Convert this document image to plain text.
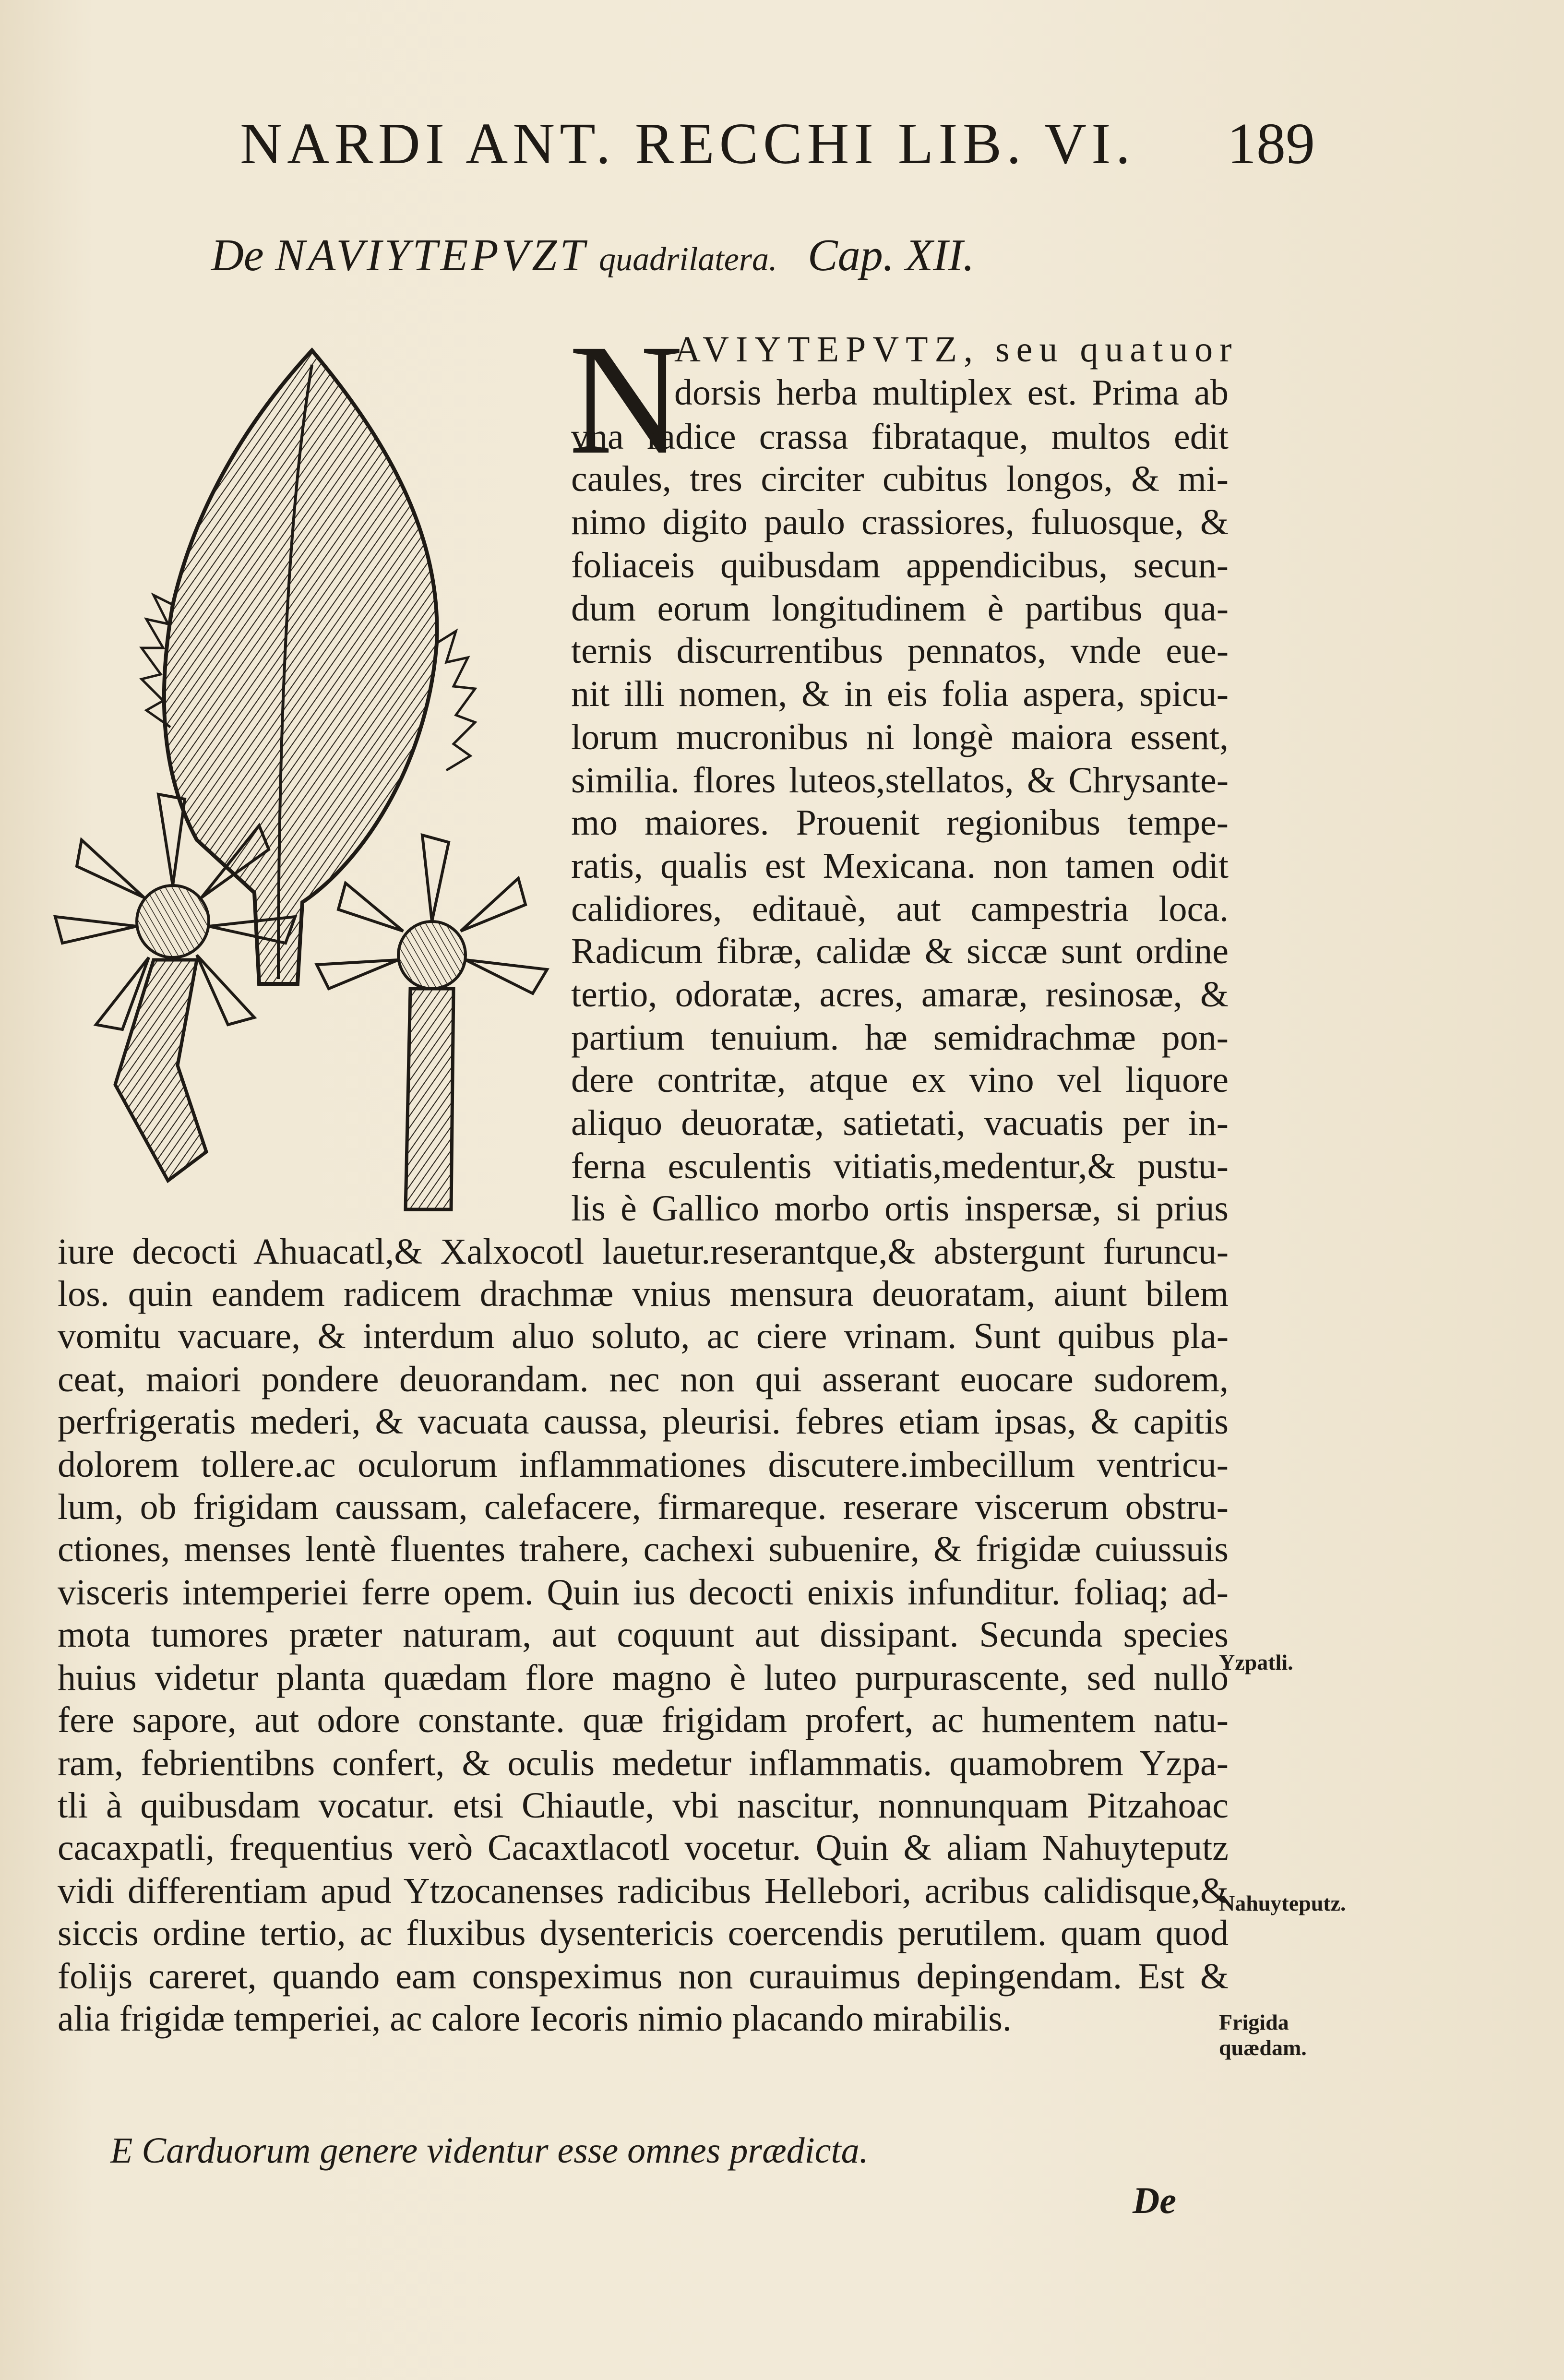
NARDI ANT. RECCHI LIB. VI. 189
De NAVIYTEPVZT quadrilatera. Cap. XII.
N
AVIYTEPVTZ, seu quatuor
dorsis herba multiplex est. Prima ab
vna radice crassa fibrataque, multos edit
caules, tres circiter cubitus longos, & mi-
nimo digito paulo crassiores, fuluosque, &
foliaceis quibusdam appendicibus, secun-
dum eorum longitudinem è partibus qua-
ternis discurrentibus pennatos, vnde eue-
nit illi nomen, & in eis folia aspera, spicu-
lorum mucronibus ni longè maiora essent,
similia. flores luteos,stellatos, & Chrysante-
mo maiores. Prouenit regionibus tempe-
ratis, qualis est Mexicana. non tamen odit
calidiores, editauè, aut campestria loca.
Radicum fibræ, calidæ & siccæ sunt ordine
tertio, odoratæ, acres, amaræ, resinosæ, &
partium tenuium. hæ semidrachmæ pon-
dere contritæ, atque ex vino vel liquore
aliquo deuoratæ, satietati, vacuatis per in-
ferna esculentis vitiatis,medentur,& pustu-
lis è Gallico morbo ortis inspersæ, si prius
iure decocti Ahuacatl,& Xalxocotl lauetur.reserantque,& abstergunt furuncu-
los. quin eandem radicem drachmæ vnius mensura deuoratam, aiunt bilem
vomitu vacuare, & interdum aluo soluto, ac ciere vrinam. Sunt quibus pla-
ceat, maiori pondere deuorandam. nec non qui asserant euocare sudorem,
perfrigeratis mederi, & vacuata caussa, pleurisi. febres etiam ipsas, & capitis
dolorem tollere.ac oculorum inflammationes discutere.imbecillum ventricu-
lum, ob frigidam caussam, calefacere, firmareque. reserare viscerum obstru-
ctiones, menses lentè fluentes trahere, cachexi subuenire, & frigidæ cuiussuis
visceris intemperiei ferre opem. Quin ius decocti enixis infunditur. foliaq; ad-
mota tumores præter naturam, aut coquunt aut dissipant. Secunda species
huius videtur planta quædam flore magno è luteo purpurascente, sed nullo
fere sapore, aut odore constante. quæ frigidam profert, ac humentem natu-
ram, febrientibns confert, & oculis medetur inflammatis. quamobrem Yzpa-
tli à quibusdam vocatur. etsi Chiautle, vbi nascitur, nonnunquam Pitzahoac
cacaxpatli, frequentius verò Cacaxtlacotl vocetur. Quin & aliam Nahuyteputz
vidi differentiam apud Ytzocanenses radicibus Hellebori, acribus calidisque,&
siccis ordine tertio, ac fluxibus dysentericis coercendis perutilem. quam quod
folijs careret, quando eam conspeximus non curauimus depingendam. Est &
alia frigidæ temperiei, ac calore Iecoris nimio placando mirabilis.
E Carduorum genere videntur esse omnes prædicta.
De
Yzpatli.
Nahuyteputz.
Frigida quædam.
